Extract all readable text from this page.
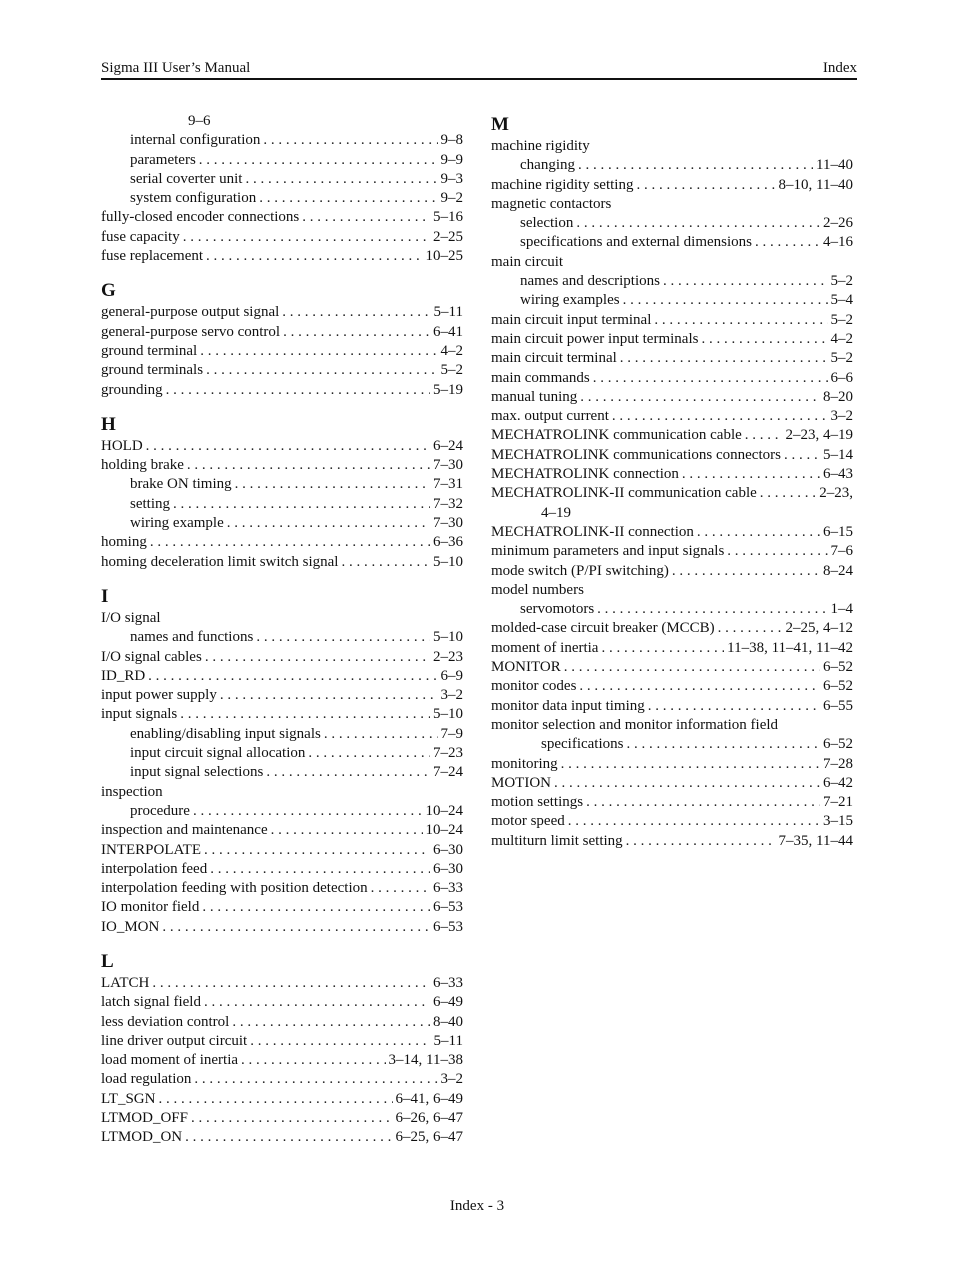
Sigma III User’s Manual	Index
9–6
internal configuration . . .	9–8
parameters . . .	9–9
serial coverter unit . . .	9–3
system configuration . . .	9–2
fully-closed encoder connections . . .	5–16
fuse capacity . . .	2–25
fuse replacement . . .	10–25
G
general-purpose output signal . . .	5–11
general-purpose servo control . . .	6–41
ground terminal . . .	4–2
ground terminals . . .	5–2
grounding . . .	5–19
H
HOLD . . .	6–24
holding brake . . .	7–30
brake ON timing . . .	7–31
setting . . .	7–32
wiring example . . .	7–30
homing . . .	6–36
homing deceleration limit switch signal . . .	5–10
I
I/O signal
names and functions . . .	5–10
I/O signal cables . . .	2–23
ID_RD . . .	6–9
input power supply . . .	3–2
input signals . . .	5–10
enabling/disabling input signals . . .	7–9
input circuit signal allocation . . .	7–23
input signal selections . . .	7–24
inspection
procedure . . .	10–24
inspection and maintenance . . .	10–24
INTERPOLATE . . .	6–30
interpolation feed . . .	6–30
interpolation feeding with position detection . . .	6–33
IO monitor field . . .	6–53
IO_MON . . .	6–53
L
LATCH . . .	6–33
latch signal field . . .	6–49
less deviation control . . .	8–40
line driver output circuit . . .	5–11
load moment of inertia . . .	3–14, 11–38
load regulation . . .	3–2
LT_SGN . . .	6–41, 6–49
LTMOD_OFF . . .	6–26, 6–47
LTMOD_ON . . .	6–25, 6–47
M
machine rigidity
changing . . .	11–40
machine rigidity setting . . .	8–10, 11–40
magnetic contactors
selection . . .	2–26
specifications and external dimensions . . .	4–16
main circuit
names and descriptions . . .	5–2
wiring examples . . .	5–4
main circuit input terminal . . .	5–2
main circuit power input terminals . . .	4–2
main circuit terminal . . .	5–2
main commands . . .	6–6
manual tuning . . .	8–20
max. output current . . .	3–2
MECHATROLINK communication cable . . .	2–23, 4–19
MECHATROLINK communications connectors . . .	5–14
MECHATROLINK connection . . .	6–43
MECHATROLINK-II communication cable . . .	2–23,
4–19
MECHATROLINK-II connection . . .	6–15
minimum parameters and input signals . . .	7–6
mode switch (P/PI switching) . . .	8–24
model numbers
servomotors . . .	1–4
molded-case circuit breaker (MCCB) . . .	2–25, 4–12
moment of inertia . . .	11–38, 11–41, 11–42
MONITOR . . .	6–52
monitor codes . . .	6–52
monitor data input timing . . .	6–55
monitor selection and monitor information field
specifications . . .	6–52
monitoring . . .	7–28
MOTION . . .	6–42
motion settings . . .	7–21
motor speed . . .	3–15
multiturn limit setting . . .	7–35, 11–44
Index - 3
